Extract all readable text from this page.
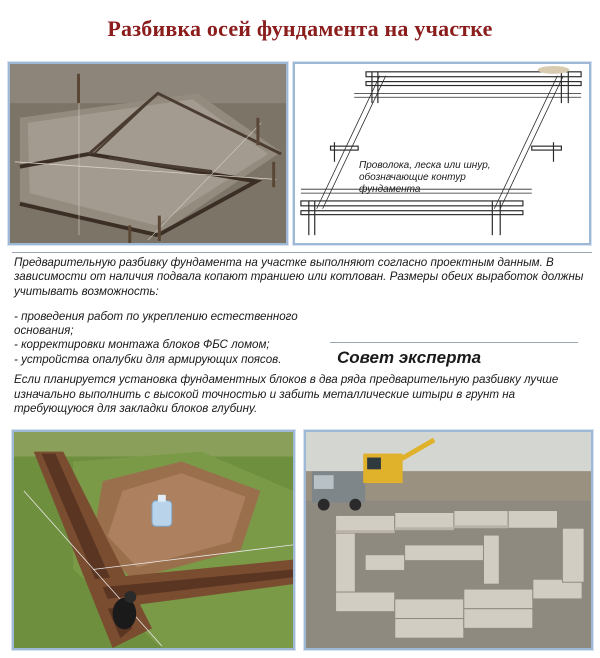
Разбивка осей фундамента на участке
Проволока, леска или шнур, обозначающие контур фундамента

Предварительную разбивку фундамента на участке выполняют согласно проектным данным. В зависимости от наличия подвала копают траншею или котлован. Размеры обеих выработок должны учитывать возможность:

- проведения работ по укреплению естественного основания;
- корректировки монтажа блоков ФБС ломом;
- устройства опалубки для армирующих поясов.	Совет эксперта
Если планируется установка фундаментных блоков в два ряда предварительную разбивку лучше изначально выполнить с высокой точностью и забить металлические штыри в грунт на требующуюся для закладки блоков глубину.
